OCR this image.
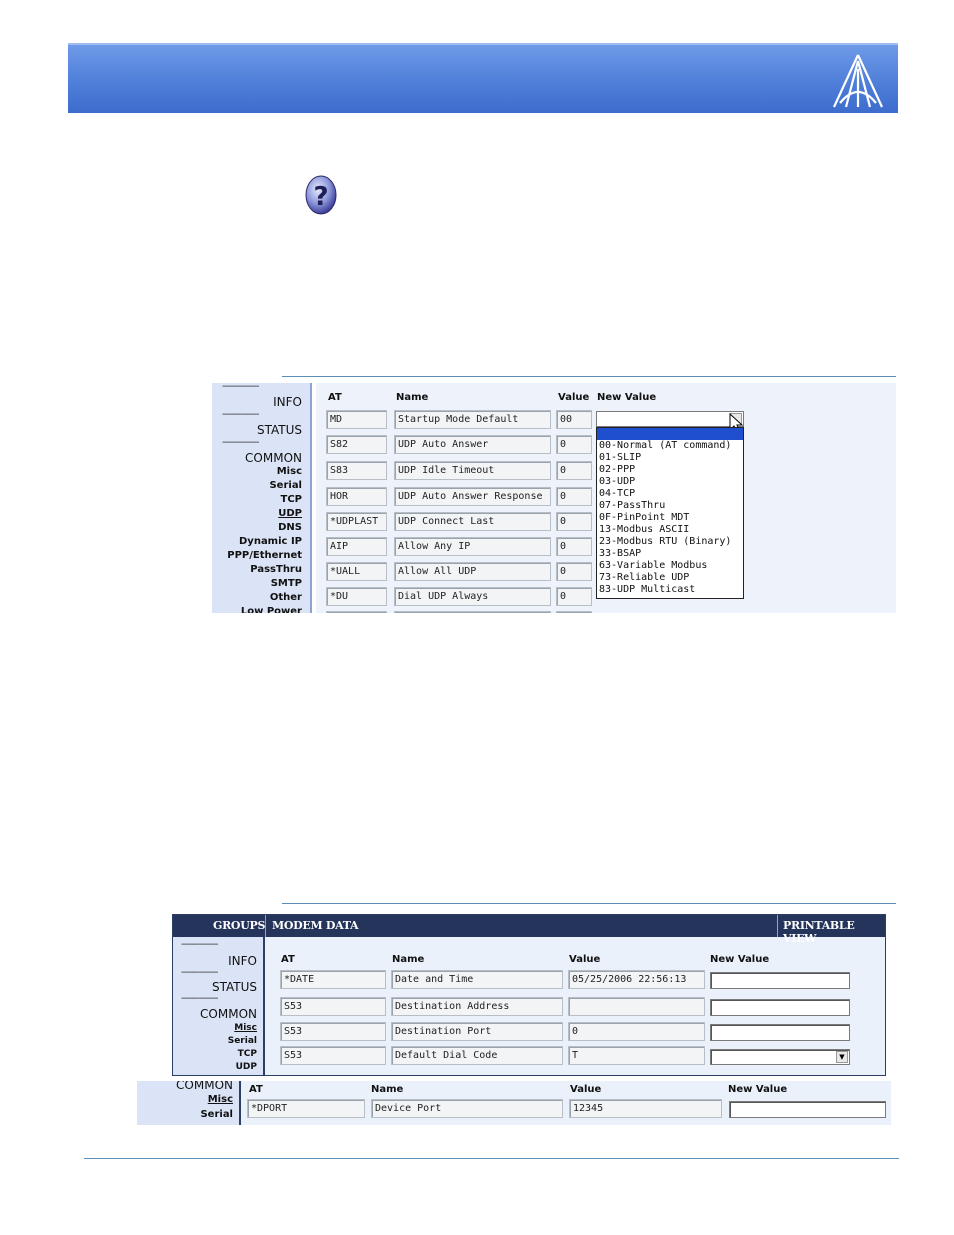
?
--------------
INFO
--------------
STATUS
--------------
COMMON
Misc
Serial
TCP
UDP
DNS
Dynamic IP
PPP/Ethernet
PassThru
SMTP
Other
Low Power
AT	Name	Value New Value
MD	Startup Mode Default	00
S82	UDP Auto Answer	0
S83	UDP Idle Timeout	0
HOR	UDP Auto Answer Response	0
*UDPLAST	UDP Connect Last	0
AIP	Allow Any IP	0
*UALL	Allow All UDP	0
*DU	Dial UDP Always	0
00-Normal (AT command)
01-SLIP
02-PPP
03-UDP
04-TCP
07-PassThru
0F-PinPoint MDT
13-Modbus ASCII
23-Modbus RTU (Binary)
33-BSAP
63-Variable Modbus
73-Reliable UDP
83-UDP Multicast
GROUPS MODEM DATA	PRINTABLE VIEW
--------------
INFO
--------------
STATUS
--------------
COMMON
Misc
Serial
TCP
UDP
AT	Name	Value	New Value
*DATE	Date and Time	05/25/2006 22:56:13
S53	Destination Address
S53	Destination Port	0
S53	Default Dial Code	T	▼
COMMON
Misc
Serial
AT	Name	Value	New Value
*DPORT	Device Port	12345
